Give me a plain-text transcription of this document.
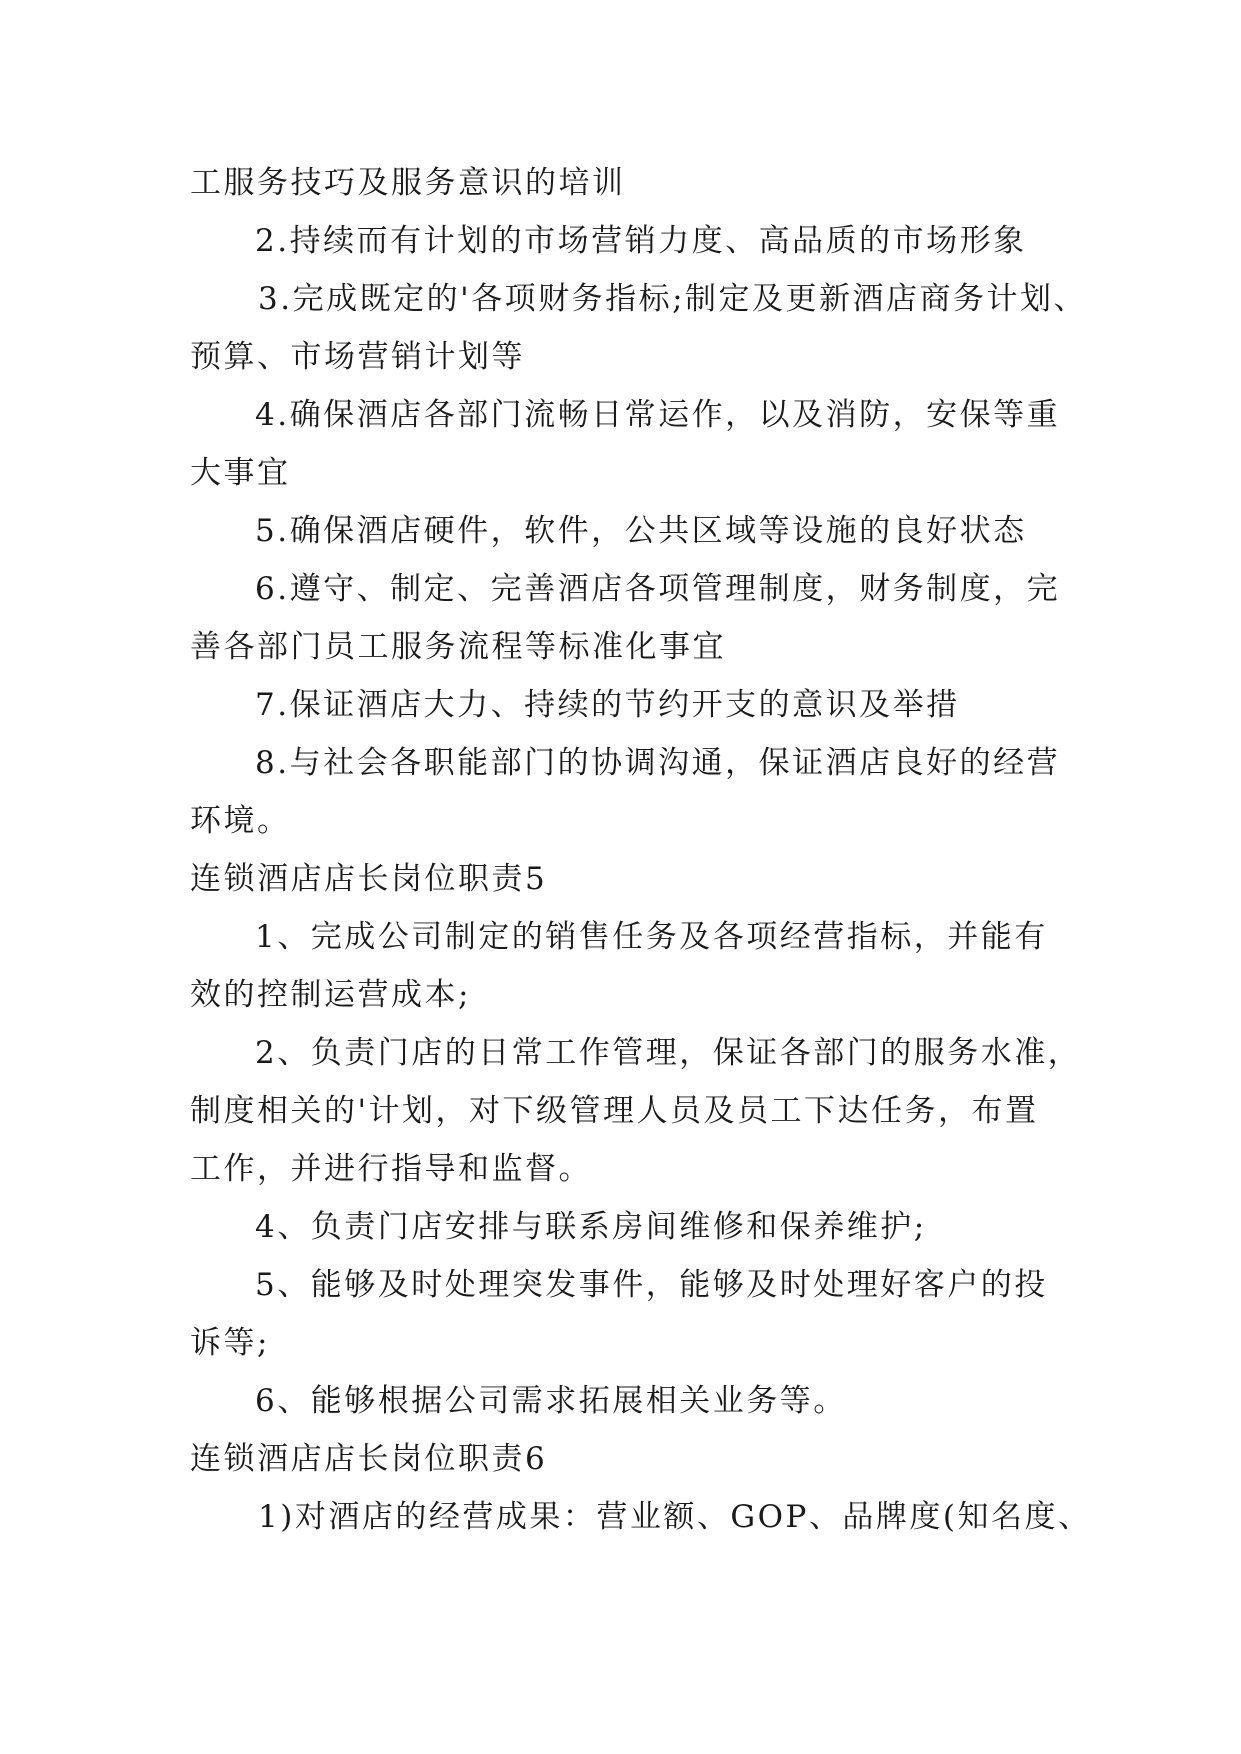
工服务技巧及服务意识的培训
2.持续而有计划的市场营销力度、高品质的市场形象
3.完成既定的'各项财务指标;制定及更新酒店商务计划、
预算、市场营销计划等
4.确保酒店各部门流畅日常运作，以及消防，安保等重
大事宜
5.确保酒店硬件，软件，公共区域等设施的良好状态
6.遵守、制定、完善酒店各项管理制度，财务制度，完
善各部门员工服务流程等标准化事宜
7.保证酒店大力、持续的节约开支的意识及举措
8.与社会各职能部门的协调沟通，保证酒店良好的经营
环境。
连锁酒店店长岗位职责5
1、完成公司制定的销售任务及各项经营指标，并能有
效的控制运营成本;
2、负责门店的日常工作管理，保证各部门的服务水准，
制度相关的'计划，对下级管理人员及员工下达任务，布置
工作，并进行指导和监督。
4、负责门店安排与联系房间维修和保养维护;
5、能够及时处理突发事件，能够及时处理好客户的投
诉等;
6、能够根据公司需求拓展相关业务等。
连锁酒店店长岗位职责6
1)对酒店的经营成果：营业额、GOP、品牌度(知名度、
